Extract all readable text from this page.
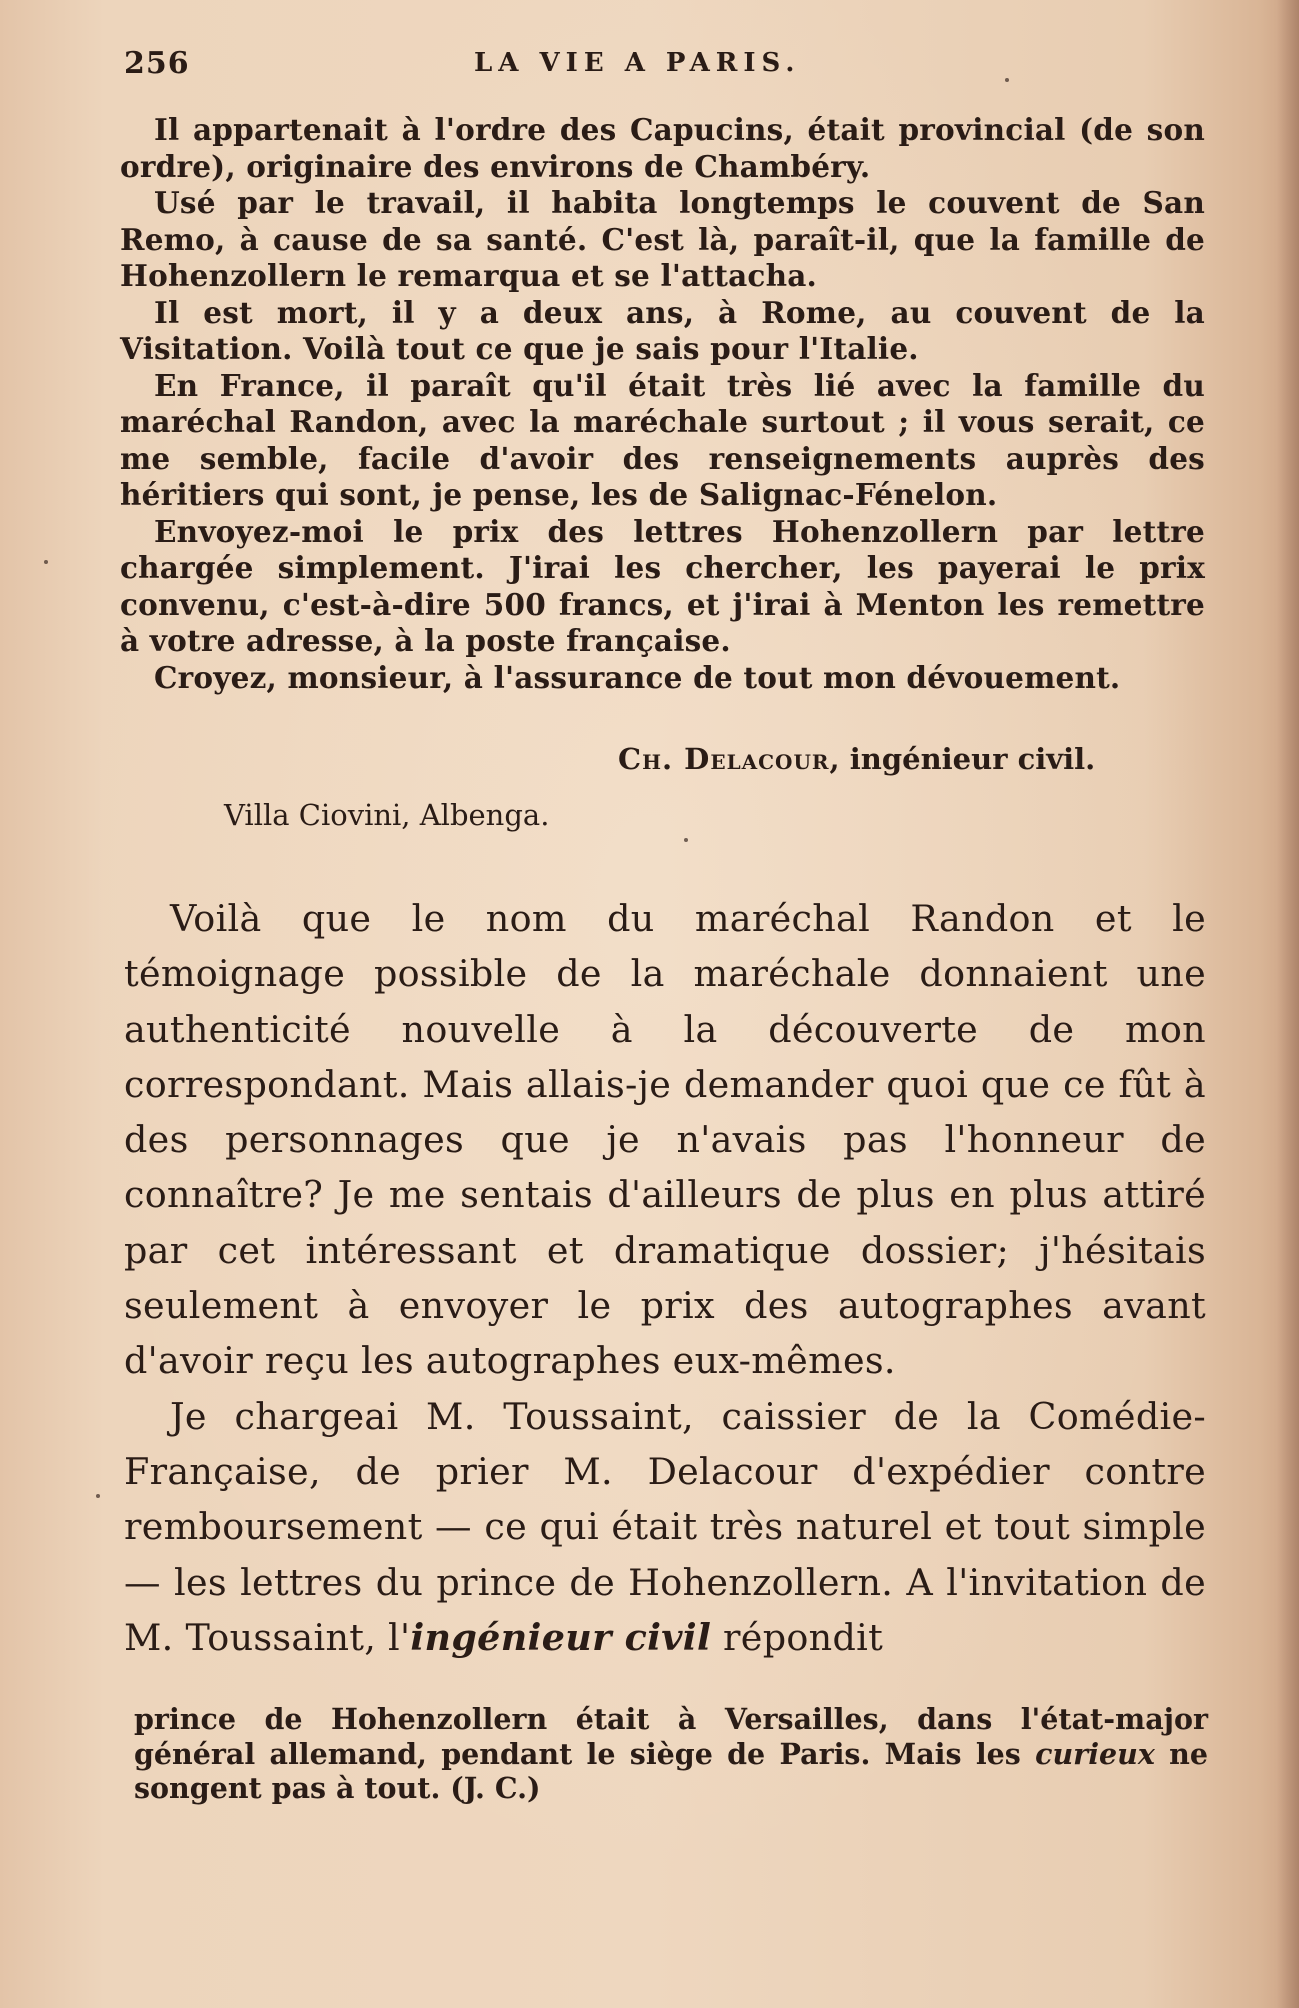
256	LA VIE A PARIS.

Il appartenait à l'ordre des Capucins, était provincial (de son ordre), originaire des environs de Chambéry.

Usé par le travail, il habita longtemps le couvent de San Remo, à cause de sa santé. C'est là, paraît-il, que la famille de Hohenzollern le remarqua et se l'attacha.

Il est mort, il y a deux ans, à Rome, au couvent de la Visitation. Voilà tout ce que je sais pour l'Italie.

En France, il paraît qu'il était très lié avec la famille du maréchal Randon, avec la maréchale surtout ; il vous serait, ce me semble, facile d'avoir des renseignements auprès des héritiers qui sont, je pense, les de Salignac-Fénelon.

Envoyez-moi le prix des lettres Hohenzollern par lettre chargée simplement. J'irai les chercher, les payerai le prix convenu, c'est-à-dire 500 francs, et j'irai à Menton les remettre à votre adresse, à la poste française.

Croyez, monsieur, à l'assurance de tout mon dévouement.

Ch. Delacour, ingénieur civil.
Villa Ciovini, Albenga.

Voilà que le nom du maréchal Randon et le témoignage possible de la maréchale donnaient une authenticité nouvelle à la découverte de mon correspondant. Mais allais-je demander quoi que ce fût à des personnages que je n'avais pas l'honneur de connaître? Je me sentais d'ailleurs de plus en plus attiré par cet intéressant et dramatique dossier; j'hésitais seulement à envoyer le prix des autographes avant d'avoir reçu les autographes eux-mêmes.

Je chargeai M. Toussaint, caissier de la Comédie-Française, de prier M. Delacour d'expédier contre remboursement — ce qui était très naturel et tout simple — les lettres du prince de Hohenzollern. A l'invitation de M. Toussaint, l'ingénieur civil répondit

prince de Hohenzollern était à Versailles, dans l'état-major général allemand, pendant le siège de Paris. Mais les curieux ne songent pas à tout. (J. C.)
